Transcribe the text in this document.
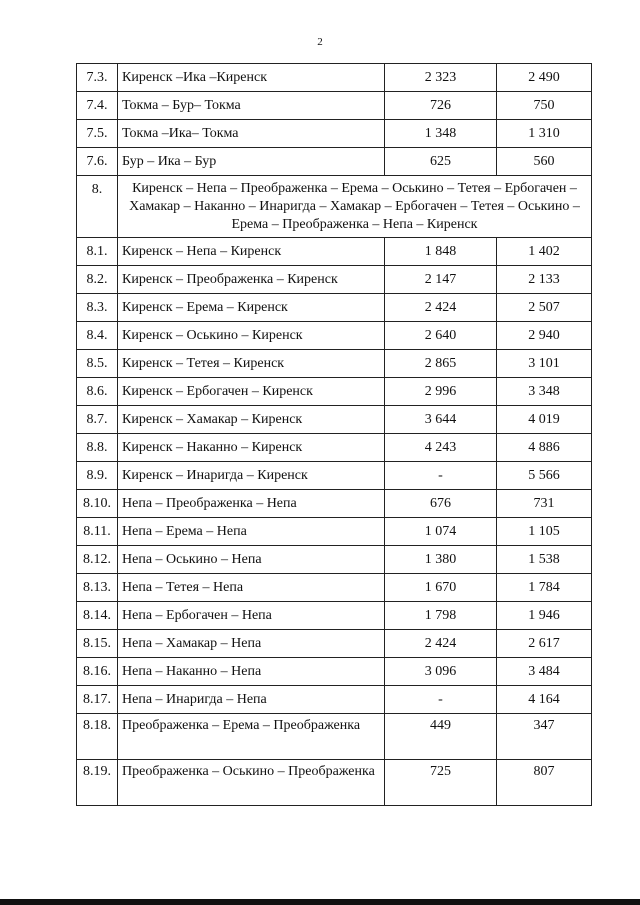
2
7.3.	Киренск –Ика –Киренск	2 323	2 490
7.4.	Токма – Бур– Токма	726	750
7.5.	Токма –Ика– Токма	1 348	1 310
7.6.	Бур – Ика – Бур	625	560
8.	Киренск – Непа – Преображенка – Ерема – Оськино – Тетея – Ербогачен – Хамакар – Наканно – Инаригда – Хамакар – Ербогачен – Тетея – Оськино – Ерема – Преображенка – Непа – Киренск		
8.1.	Киренск – Непа – Киренск	1 848	1 402
8.2.	Киренск – Преображенка – Киренск	2 147	2 133
8.3.	Киренск – Ерема – Киренск	2 424	2 507
8.4.	Киренск – Оськино – Киренск	2 640	2 940
8.5.	Киренск – Тетея – Киренск	2 865	3 101
8.6.	Киренск – Ербогачен – Киренск	2 996	3 348
8.7.	Киренск – Хамакар – Киренск	3 644	4 019
8.8.	Киренск – Наканно – Киренск	4 243	4 886
8.9.	Киренск – Инаригда – Киренск	-	5 566
8.10.	Непа – Преображенка – Непа	676	731
8.11.	Непа – Ерема – Непа	1 074	1 105
8.12.	Непа – Оськино – Непа	1 380	1 538
8.13.	Непа – Тетея – Непа	1 670	1 784
8.14.	Непа – Ербогачен – Непа	1 798	1 946
8.15.	Непа – Хамакар – Непа	2 424	2 617
8.16.	Непа – Наканно – Непа	3 096	3 484
8.17.	Непа – Инаригда – Непа	-	4 164
8.18.	Преображенка – Ерема – Преображенка	449	347
8.19.	Преображенка – Оськино – Преображенка	725	807
